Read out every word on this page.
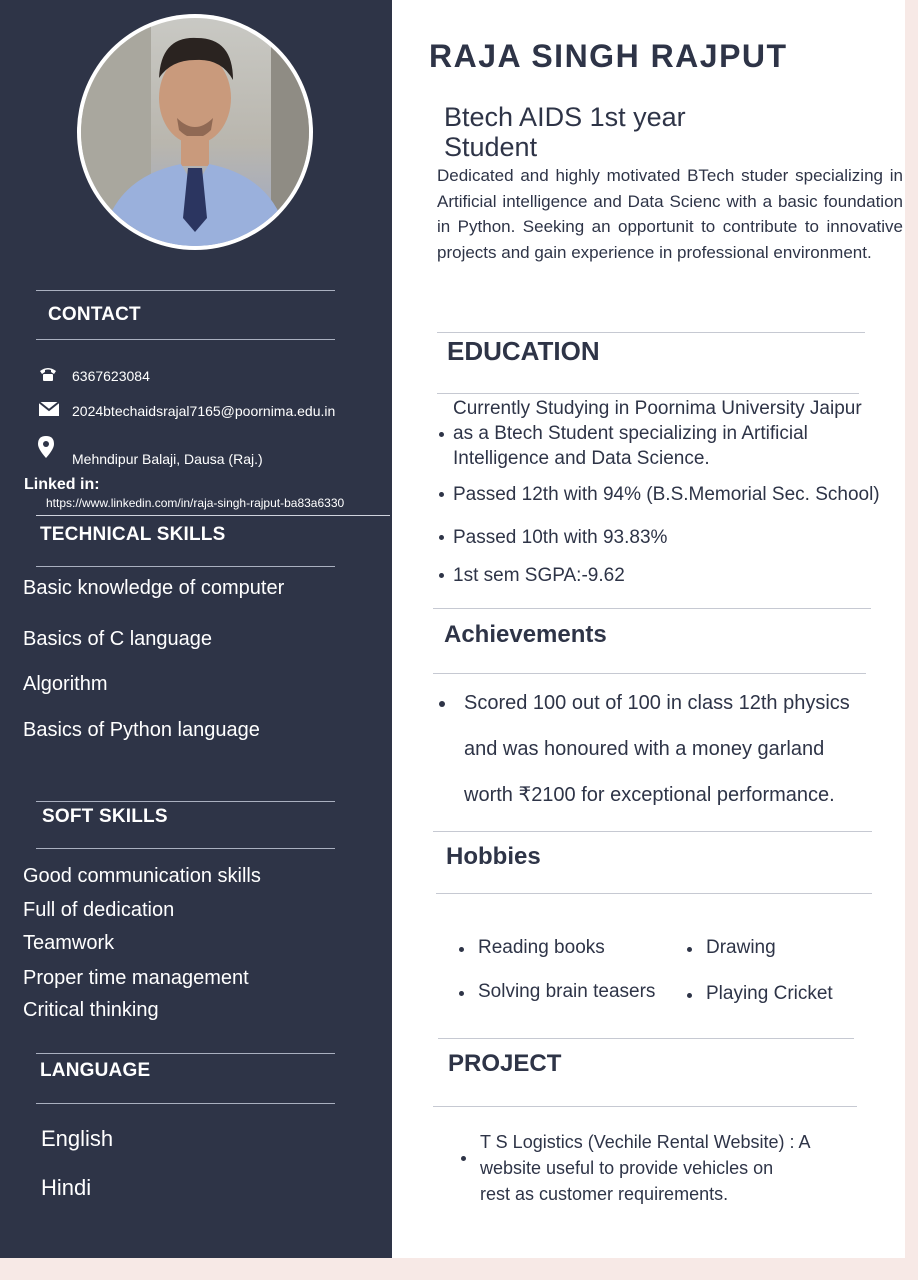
CONTACT
6367623084
2024btechaidsrajal7165@poornima.edu.in
Mehndipur Balaji, Dausa (Raj.)
Linked in:
https://www.linkedin.com/in/raja-singh-rajput-ba83a6330
TECHNICAL SKILLS
Basic knowledge of computer
Basics of C language
Algorithm
Basics of Python language
SOFT SKILLS
Good communication skills
Full of dedication
Teamwork
Proper time management
Critical thinking
LANGUAGE
English
Hindi
RAJA SINGH RAJPUT
Btech AIDS 1st year
Student
Dedicated and highly motivated BTech studer specializing in Artificial intelligence and Data Scienc with a basic foundation in Python. Seeking an opportunit to contribute to innovative projects and gain experience in professional environment.
EDUCATION
Currently Studying in Poornima University Jaipur
as a Btech Student specializing in Artificial
Intelligence and Data Science.
Passed 12th with 94% (B.S.Memorial Sec. School)
Passed 10th with 93.83%
1st sem SGPA:-9.62
Achievements
Scored 100 out of 100 in class 12th physics
and was honoured with a money garland
worth ₹2100 for exceptional performance.
Hobbies
Reading books	Drawing
Solving brain teasers	Playing Cricket
PROJECT
T S Logistics (Vechile Rental Website) : A
website useful to provide vehicles on
rest as customer requirements.
